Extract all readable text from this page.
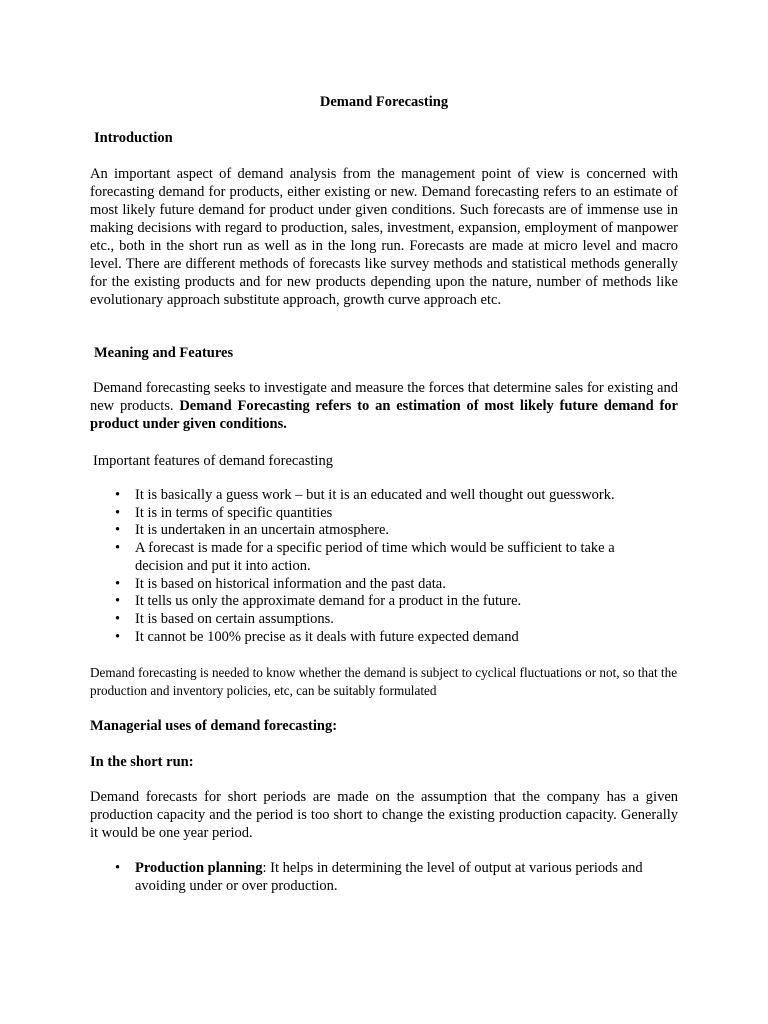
Demand Forecasting
Introduction

An important aspect of demand analysis from the management point of view is concerned with forecasting demand for products, either existing or new. Demand forecasting refers to an estimate of most likely future demand for product under given conditions. Such forecasts are of immense use in making decisions with regard to production, sales, investment, expansion, employment of manpower etc., both in the short run as well as in the long run. Forecasts are made at micro level and macro level. There are different methods of forecasts like survey methods and statistical methods generally for the existing products and for new products depending upon the nature, number of methods like evolutionary approach substitute approach, growth curve approach etc.

Meaning and Features

Demand forecasting seeks to investigate and measure the forces that determine sales for existing and new products. Demand Forecasting refers to an estimation of most likely future demand for product under given conditions.

Important features of demand forecasting

• It is basically a guess work – but it is an educated and well thought out guesswork.
• It is in terms of specific quantities
• It is undertaken in an uncertain atmosphere.
• A forecast is made for a specific period of time which would be sufficient to take a decision and put it into action.
• It is based on historical information and the past data.
• It tells us only the approximate demand for a product in the future.
• It is based on certain assumptions.
• It cannot be 100% precise as it deals with future expected demand

Demand forecasting is needed to know whether the demand is subject to cyclical fluctuations or not, so that the production and inventory policies, etc, can be suitably formulated

Managerial uses of demand forecasting:
In the short run:

Demand forecasts for short periods are made on the assumption that the company has a given production capacity and the period is too short to change the existing production capacity. Generally it would be one year period.

• Production planning: It helps in determining the level of output at various periods and avoiding under or over production.
